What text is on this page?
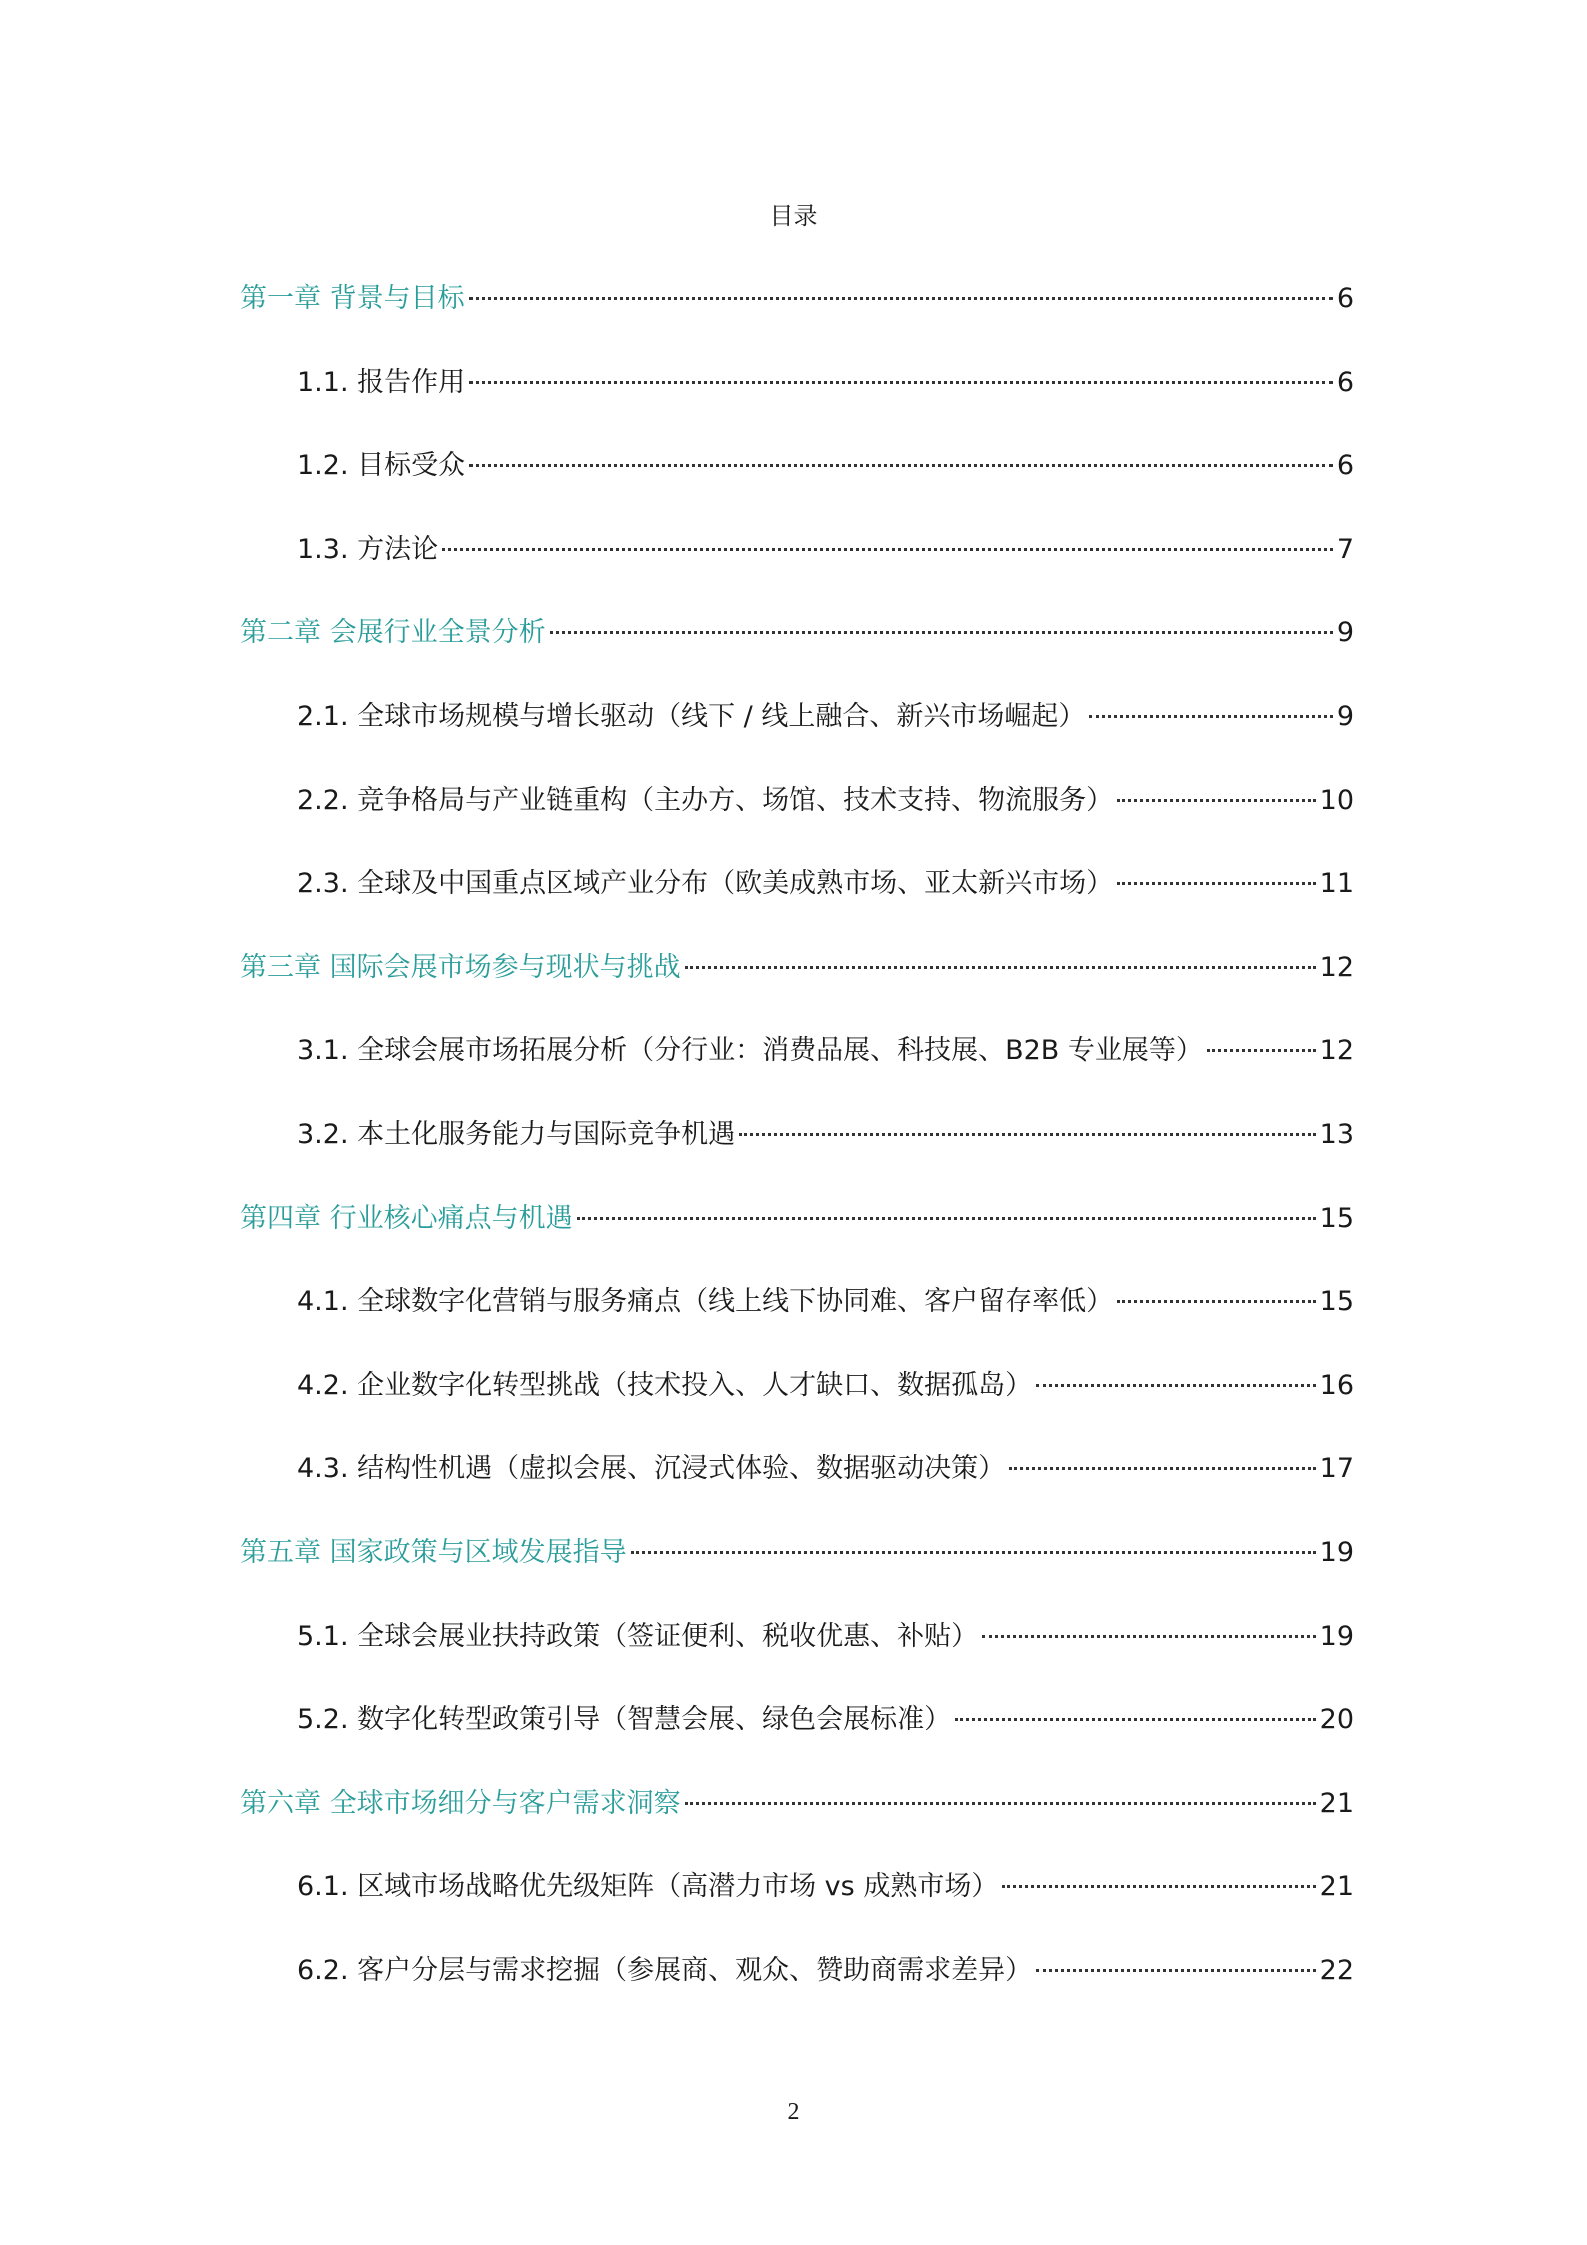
目录
第一章 背景与目标	6
1.1. 报告作用	6
1.2. 目标受众	6
1.3. 方法论	7
第二章 会展行业全景分析	9
2.1. 全球市场规模与增长驱动（线下 / 线上融合、新兴市场崛起）	9
2.2. 竞争格局与产业链重构（主办方、场馆、技术支持、物流服务）	10
2.3. 全球及中国重点区域产业分布（欧美成熟市场、亚太新兴市场）	11
第三章 国际会展市场参与现状与挑战	12
3.1. 全球会展市场拓展分析（分行业：消费品展、科技展、B2B 专业展等）	12
3.2. 本土化服务能力与国际竞争机遇	13
第四章 行业核心痛点与机遇	15
4.1. 全球数字化营销与服务痛点（线上线下协同难、客户留存率低）	15
4.2. 企业数字化转型挑战（技术投入、人才缺口、数据孤岛）	16
4.3. 结构性机遇（虚拟会展、沉浸式体验、数据驱动决策）	17
第五章 国家政策与区域发展指导	19
5.1. 全球会展业扶持政策（签证便利、税收优惠、补贴）	19
5.2. 数字化转型政策引导（智慧会展、绿色会展标准）	20
第六章 全球市场细分与客户需求洞察	21
6.1. 区域市场战略优先级矩阵（高潜力市场 vs 成熟市场）	21
6.2. 客户分层与需求挖掘（参展商、观众、赞助商需求差异）	22
2
